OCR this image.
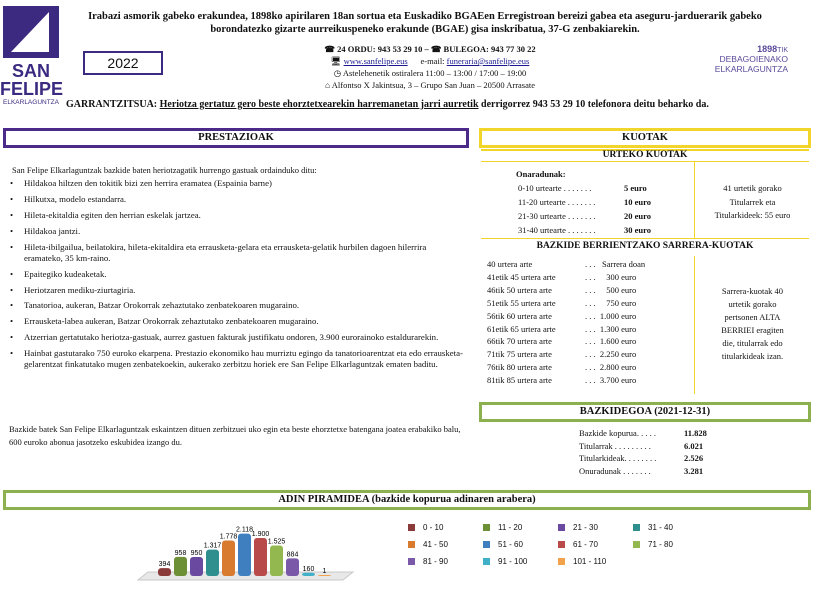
SAN
FELIPE
ELKARLAGUNTZA
Irabazi asmorik gabeko erakundea, 1898ko apirilaren 18an sortua eta Euskadiko BGAEen Erregistroan bereizi gabea eta aseguru-jarduerarik gabeko borondatezko gizarte aurreikuspeneko erakunde (BGAE) gisa inskribatua, 37-G zenbakiarekin.
2022
☎ 24 ORDU: 943 53 29 10 – ☎ BULEGOA: 943 77 30 22
🖥 www.sanfelipe.eus e-mail: funeraria@sanfelipe.eus
◷ Astelehenetik ostiralera 11:00 – 13:00 / 17:00 – 19:00
⌂ Alfontso X Jakintsua, 3 – Grupo San Juan – 20500 Arrasate
1898TIK
DEBAGOIENAKO
ELKARLAGUNTZA
GARRANTZITSUA: Heriotza gertatuz gero beste ehorztetxearekin harremanetan jarri aurretik derrigorrez 943 53 29 10 telefonora deitu beharko da.
PRESTAZIOAK
San Felipe Elkarlaguntzak bazkide baten heriotzagatik hurrengo gastuak ordainduko ditu:
• Hildakoa hiltzen den tokitik bizi zen herrira eramatea (Espainia barne)
• Hilkutxa, modelo estandarra.
• Hileta-ekitaldia egiten den herrian eskelak jartzea.
• Hildakoa jantzi.
• Hileta-ibilgailua, beilatokira, hileta-ekitaldira eta errausketa-gelara eta errausketa-gelatik hurbilen dagoen hilerrira eramateko, 35 km-raino.
• Epaitegiko kudeaketak.
• Heriotzaren mediku-ziurtagiria.
• Tanatorioa, aukeran, Batzar Orokorrak zehaztutako zenbatekoaren mugaraino.
• Errausketa-labea aukeran, Batzar Orokorrak zehaztutako zenbatekoaren mugaraino.
• Atzerrian gertatutako heriotza-gastuak, aurrez gastuen fakturak justifikatu ondoren, 3.900 eurorainoko estaldurarekin.
• Hainbat gastutarako 750 euroko ekarpena. Prestazio ekonomiko hau murriztu egingo da tanatorioarentzat eta edo errausketa-gelarentzat finkatutako mugen zenbatekoekin, aukerako zerbitzu horiek ere San Felipe Elkarlaguntzak ematen baditu.
Bazkide batek San Felipe Elkarlaguntzak eskaintzen dituen zerbitzuei uko egin eta beste ehorztetxe batengana joatea erabakiko balu, 600 euroko abonua jasotzeko eskubidea izango du.
KUOTAK
URTEKO KUOTAK
Onaradunak:
0-10 urtearte . . . . . . .	5 euro
11-20 urtearte . . . . . . .	10 euro
21-30 urtearte . . . . . . .	20 euro
31-40 urtearte . . . . . . .	30 euro
41 urtetik gorako
Titularrek eta
Titularkideek: 55 euro
BAZKIDE BERRIENTZAKO SARRERA-KUOTAK
40 urtera arte	. . .   Sarrera doan
41etik 45 urtera arte	. . .     300 euro
46tik 50 urtera arte	. . .     500 euro
51etik 55 urtera arte	. . .     750 euro
56tik 60 urtera arte	. . .  1.000 euro
61etik 65 urtera arte	. . .  1.300 euro
66tik 70 urtera arte	. . .  1.600 euro
71tik 75 urtera arte	. . .  2.250 euro
76tik 80 urtera arte	. . .  2.800 euro
81tik 85 urtera arte	. . .  3.700 euro
Sarrera-kuotak 40
urtetik gorako
pertsonen ALTA
BERRIEI eragiten
die, titularrak edo
titularkideak izan.
BAZKIDEGOA (2021-12-31)
Bazkide kopurua. . . . .	11.828
Titularrak . . . . . . . . .	6.021
Titularkideak. . . . . . . .	2.526
Onuradunak . . . . . . .	3.281
ADIN PIRAMIDEA (bazkide kopurua adinaren arabera)
394
958 950
1.317
1.778
2.118
1.900
1.525
884
160 1
0 - 10	11 - 20	21 - 30	31 - 40
41 - 50	51 - 60	61 - 70	71 - 80
81 - 90	91 - 100	101 - 110
